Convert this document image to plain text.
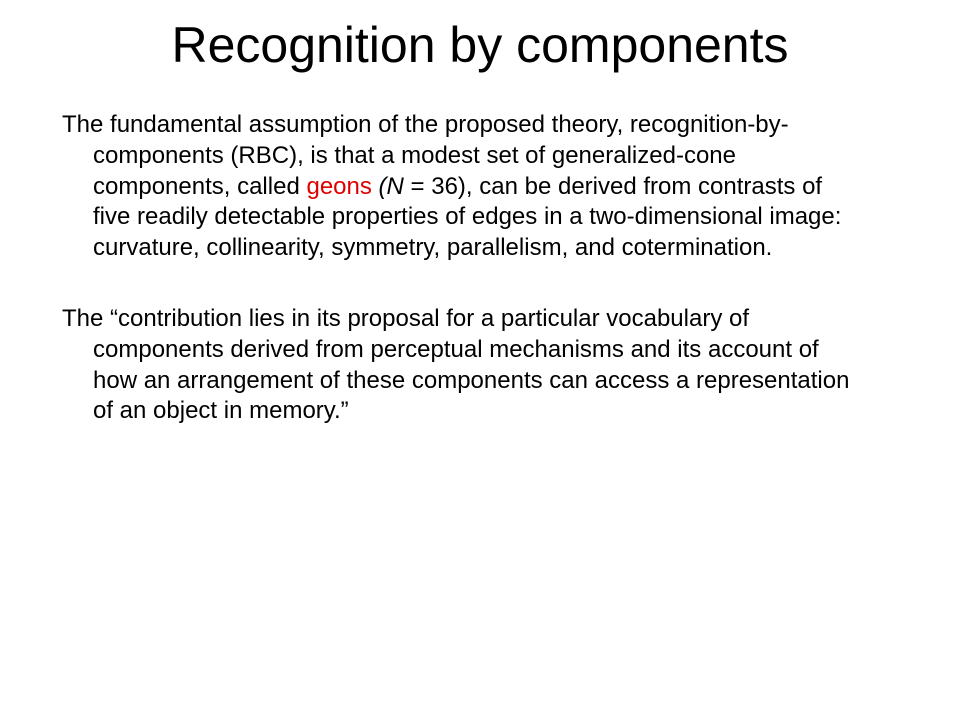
Recognition by components

The fundamental assumption of the proposed theory, recognition-by-components (RBC), is that a modest set of generalized-cone components, called geons (N = 36), can be derived from contrasts of five readily detectable properties of edges in a two-dimensional image: curvature, collinearity, symmetry, parallelism, and cotermination.

The “contribution lies in its proposal for a particular vocabulary of components derived from perceptual mechanisms and its account of how an arrangement of these components can access a representation of an object in memory.”
